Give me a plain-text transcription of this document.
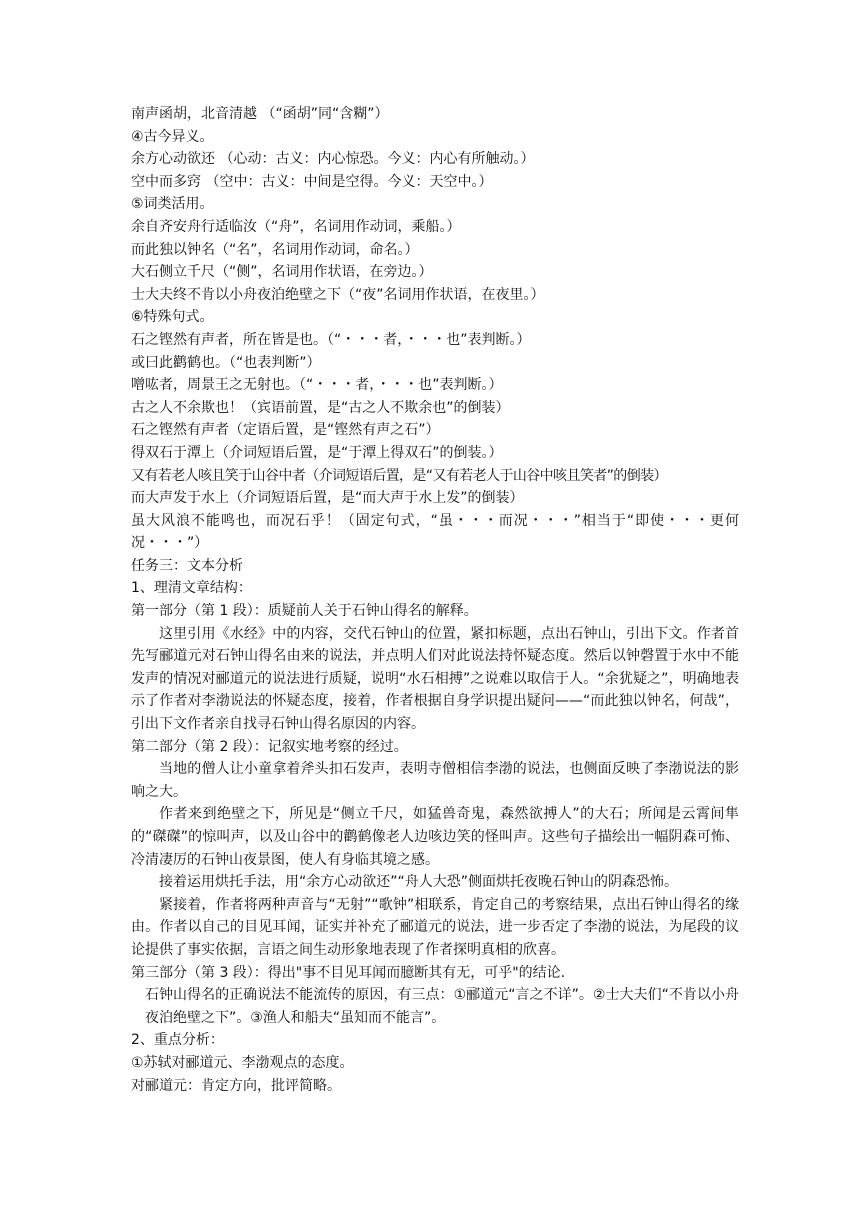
南声函胡，北音清越 （“函胡”同“含糊”）
④古今异义。
余方心动欲还 （心动：古义：内心惊恐。今义：内心有所触动。）
空中而多窍 （空中：古义：中间是空得。今义：天空中。）
⑤词类活用。
余自齐安舟行适临汝（“舟”，名词用作动词，乘船。）
而此独以钟名（“名”，名词用作动词，命名。）
大石侧立千尺（“侧”，名词用作状语，在旁边。）
士大夫终不肯以小舟夜泊绝壁之下（“夜”名词用作状语，在夜里。）
⑥特殊句式。
石之铿然有声者，所在皆是也。（“・・・者，・・・也”表判断。）
或曰此鹳鹤也。（“也表判断”）
噌吰者，周景王之无射也。（“・・・者，・・・也”表判断。）
古之人不余欺也！（宾语前置，是“古之人不欺余也”的倒装）
石之铿然有声者（定语后置，是“铿然有声之石”）
得双石于潭上（介词短语后置，是“于潭上得双石”的倒装。）
又有若老人咳且笑于山谷中者（介词短语后置，是“又有若老人于山谷中咳且笑者”的倒装）
而大声发于水上（介词短语后置，是“而大声于水上发”的倒装）
虽大风浪不能鸣也，而况石乎！（固定句式，“虽・・・而况・・・”相当于“即使・・・更何况・・・”）
任务三：文本分析
1、理清文章结构：
第一部分（第 1 段）：质疑前人关于石钟山得名的解释。
这里引用《水经》中的内容，交代石钟山的位置，紧扣标题，点出石钟山，引出下文。作者首先写郦道元对石钟山得名由来的说法，并点明人们对此说法持怀疑态度。然后以钟磬置于水中不能发声的情况对郦道元的说法进行质疑，说明“水石相搏”之说难以取信于人。“余犹疑之”，明确地表示了作者对李渤说法的怀疑态度，接着，作者根据自身学识提出疑问——“而此独以钟名，何哉”，引出下文作者亲自找寻石钟山得名原因的内容。
第二部分（第 2 段）：记叙实地考察的经过。
当地的僧人让小童拿着斧头扣石发声，表明寺僧相信李渤的说法，也侧面反映了李渤说法的影响之大。
作者来到绝壁之下，所见是“侧立千尺，如猛兽奇鬼，森然欲搏人”的大石；所闻是云霄间隼的“磔磔”的惊叫声，以及山谷中的鹳鹤像老人边咳边笑的怪叫声。这些句子描绘出一幅阴森可怖、冷清凄厉的石钟山夜景图，使人有身临其境之感。
接着运用烘托手法，用“余方心动欲还”“舟人大恐”侧面烘托夜晚石钟山的阴森恐怖。
紧接着，作者将两种声音与“无射”“歌钟”相联系，肯定自己的考察结果，点出石钟山得名的缘由。作者以自己的目见耳闻，证实并补充了郦道元的说法，进一步否定了李渤的说法，为尾段的议论提供了事实依据，言语之间生动形象地表现了作者探明真相的欣喜。
第三部分（第 3 段）：得出"事不目见耳闻而臆断其有无，可乎"的结论.
石钟山得名的正确说法不能流传的原因，有三点：①郦道元“言之不详”。②士大夫们“不肯以小舟夜泊绝壁之下”。③渔人和船夫“虽知而不能言”。
2、重点分析：
①苏轼对郦道元、李渤观点的态度。
对郦道元：肯定方向，批评简略。
